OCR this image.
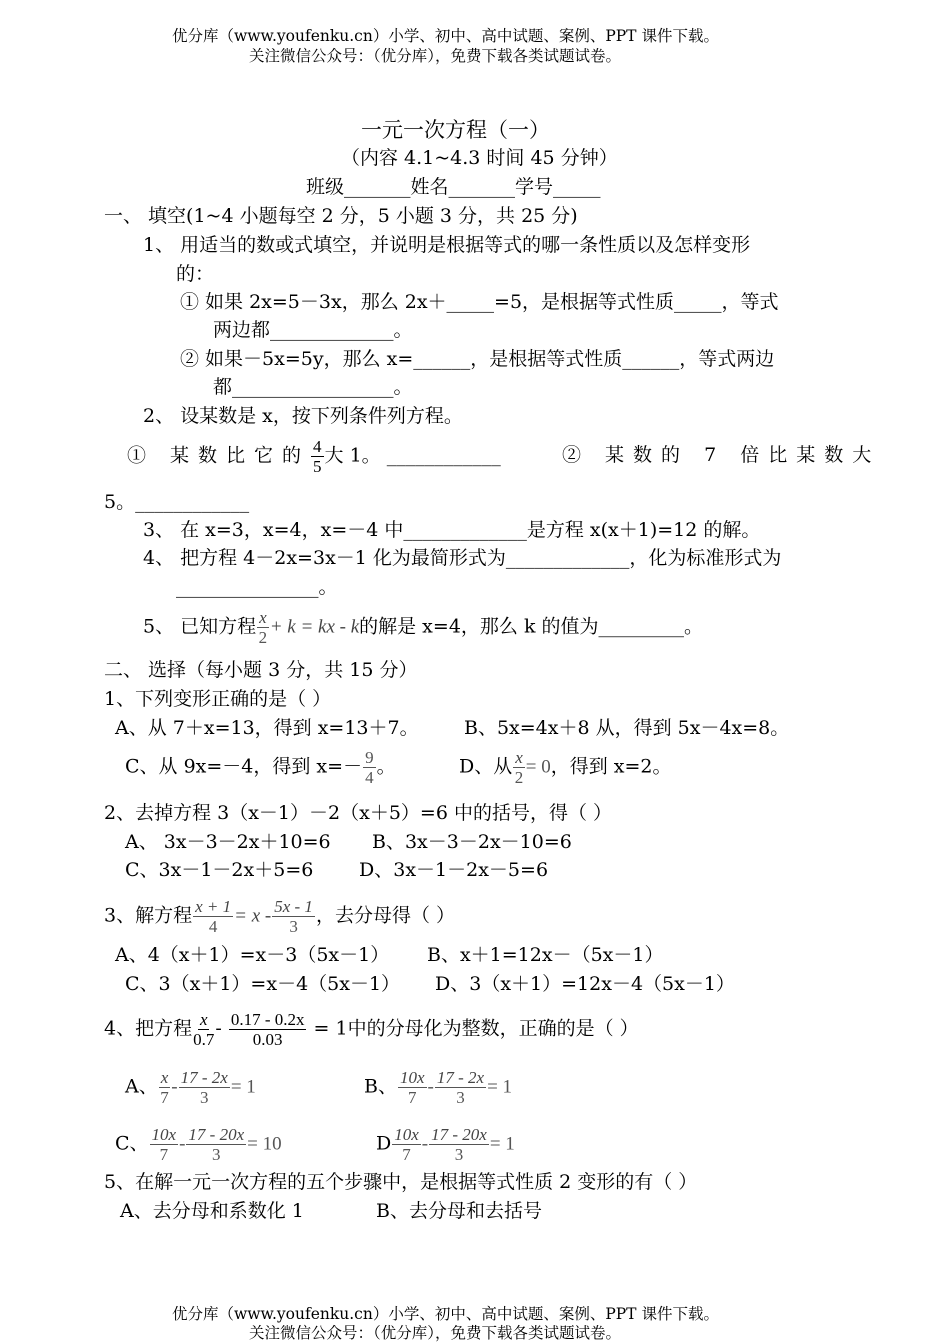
优分库（www.youfenku.cn）小学、初中、高中试题、案例、PPT 课件下载。
关注微信公众号：（优分库），免费下载各类试题试卷。
一元一次方程（一）
（内容 4.1~4.3 时间 45 分钟）
班级_______姓名_______学号_____
一、 填空(1~4 小题每空 2 分，5 小题 3 分，共 25 分)
1、 用适当的数或式填空，并说明是根据等式的哪一条性质以及怎样变形
的：
① 如果 2x=5－3x，那么 2x＋_____=5，是根据等式性质_____，等式
两边都_____________。
② 如果－5x=5y，那么 x=______，是根据等式性质______，等式两边
都_________________。
2、 设某数是 x，按下列条件列方程。
① 某数比它的 $\frac{4}{5}$ 大 1。 ____________	② 某数的 7 倍比某数大
5。____________
3、 在 x=3，x=4，x=－4 中_____________是方程 x(x＋1)=12 的解。
4、 把方程 4－2x=3x－1 化为最简形式为_____________，化为标准形式为
_______________。
5、 已知方程 $\frac{x}{2} + k$ = kx - k的解是 x=4，那么 k 的值为_________。
二、 选择（每小题 3 分，共 15 分）
1、下列变形正确的是（ ）
A、从 7＋x=13，得到 x=13＋7。 B、5x=4x＋8 从，得到 5x－4x=8。
C、从 9x=－4，得到 $x=- \frac{9}{4}$ 。	D、从 $\frac{x}{2} = 0$，得到 x=2。
2、去掉方程 3（x－1）－2（x＋5）=6 中的括号，得（ ）
A、 3x－3－2x＋10=6 B、3x－3－2x－10=6
C、3x－1－2x＋5=6 D、3x－1－2x－5=6
3、解方程 $\frac{x + 1}{4} = x - \frac{5x - 1}{3}$ ，去分母得（ ）
A、4（x＋1）=x－3（5x－1） B、x＋1=12x－（5x－1）
C、3（x＋1）=x－4（5x－1） D、3（x＋1）=12x－4（5x－1）
4、把方程 $\frac{x}{0.7} - \frac{0.17 - 0.2x}{0.03} = 1$中的分母化为整数，正确的是（ ）
A、 $\frac{x}{7} - \frac{17 - 2x}{3} = 1$	B、 $\frac{10x}{7} - \frac{17 - 2x}{3} = 1$
C、 $\frac{10x}{7} - \frac{17 - 20x}{3} = 10$	D $\frac{10x}{7} - \frac{17 - 20x}{3} = 1$
5、在解一元一次方程的五个步骤中，是根据等式性质 2 变形的有（ ）
A、去分母和系数化 1	B、去分母和去括号
优分库（www.youfenku.cn）小学、初中、高中试题、案例、PPT 课件下载。
关注微信公众号：（优分库），免费下载各类试题试卷。
